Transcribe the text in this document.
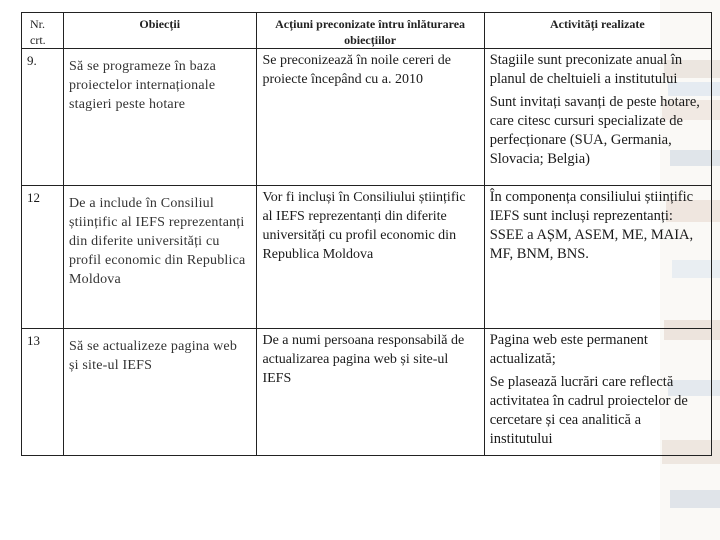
Nr. crt.	Obiecții	Acțiuni preconizate întru înlăturarea obiecțiilor	Activități realizate
9.	Să se programeze în baza proiectelor internaționale stagieri peste hotare	Se preconizează în noile cereri de proiecte începând cu a. 2010	Stagiile sunt preconizate anual în planul de cheltuieli a institutului
Sunt invitați savanți de peste hotare, care citesc cursuri specializate de perfecționare (SUA, Germania, Slovacia; Belgia)

12	De a include în Consiliul științific al IEFS reprezentanți din diferite universități cu profil economic din Republica Moldova	Vor fi incluși în Consiliului științific al IEFS reprezentanți din diferite universități cu profil economic din Republica Moldova	În componența consiliului științific IEFS sunt incluși reprezentanți: SSEE a AȘM, ASEM, ME, MAIA, MF, BNM, BNS.

13	Să se actualizeze pagina web și site-ul IEFS	De a numi persoana responsabilă de actualizarea pagina web și site-ul IEFS	Pagina web este permanent actualizată;
Se plasează lucrări care reflectă activitatea în cadrul proiectelor de cercetare și cea analitică a institutului
